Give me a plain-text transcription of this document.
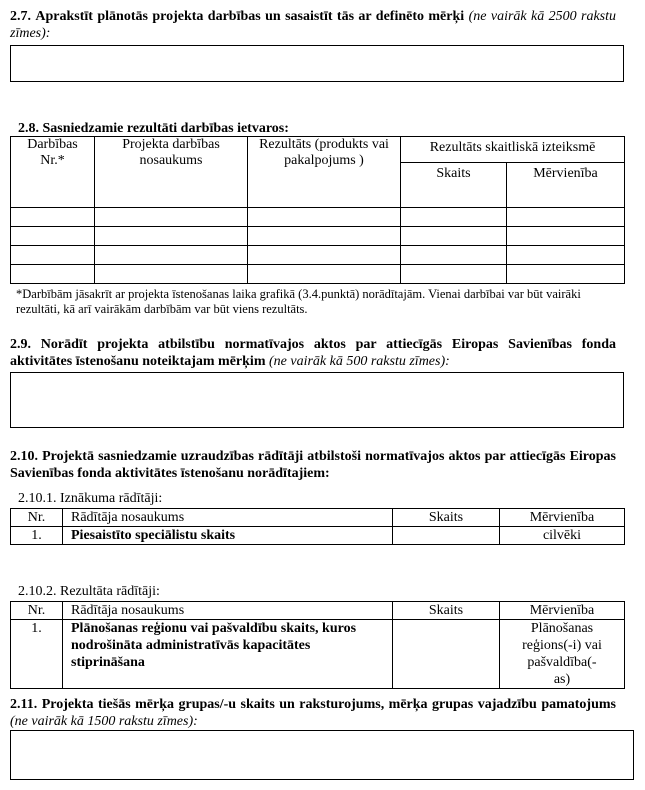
2.7. Aprakstīt plānotās projekta darbības un sasaistīt tās ar definēto mērķi (ne vairāk kā 2500 rakstu zīmes):
2.8. Sasniedzamie rezultāti darbības ietvaros:
Darbības Nr.*	Projekta darbības nosaukums	Rezultāts (produkts vai pakalpojums )	Rezultāts skaitliskā izteiksmē	
			Skaits	Mērvienība

*Darbībām jāsakrīt ar projekta īstenošanas laika grafikā (3.4.punktā) norādītajām. Vienai darbībai var būt vairāki rezultāti, kā arī vairākām darbībām var būt viens rezultāts.
2.9. Norādīt projekta atbilstību normatīvajos aktos par attiecīgās Eiropas Savienības fonda aktivitātes īstenošanu noteiktajam mērķim (ne vairāk kā 500 rakstu zīmes):
2.10. Projektā sasniedzamie uzraudzības rādītāji atbilstoši normatīvajos aktos par attiecīgās Eiropas Savienības fonda aktivitātes īstenošanu norādītajiem:
2.10.1. Iznākuma rādītāji:
Nr.	Rādītāja nosaukums	Skaits	Mērvienība
1.	Piesaistīto speciālistu skaits		cilvēki
2.10.2. Rezultāta rādītāji:
Nr.	Rādītāja nosaukums	Skaits	Mērvienība
1.	Plānošanas reģionu vai pašvaldību skaits, kuros nodrošināta administratīvās kapacitātes stiprināšana		Plānošanas reģions(-i) vai pašvaldība(-as)
2.11. Projekta tiešās mērķa grupas/-u skaits un raksturojums, mērķa grupas vajadzību pamatojums (ne vairāk kā 1500 rakstu zīmes):
